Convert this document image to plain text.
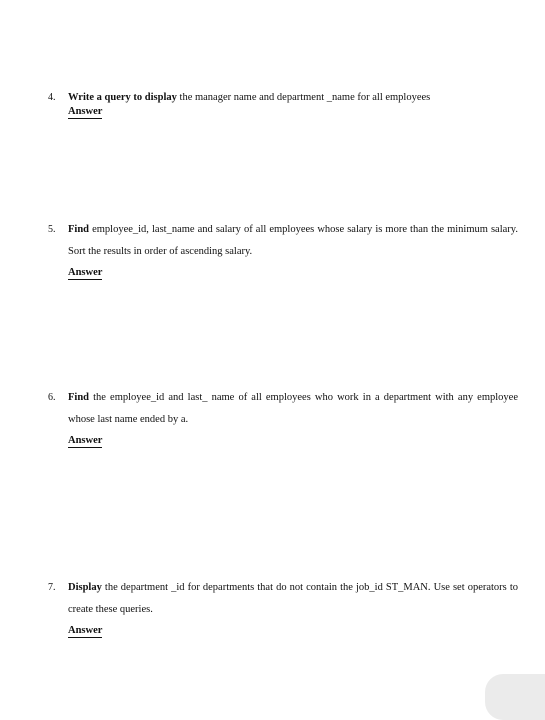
4. Write a query to display the manager name and department _name for all employees
Answer
5. Find employee_id, last_name and salary of all employees whose salary is more than the minimum salary. Sort the results in order of ascending salary.
Answer
6. Find the employee_id and last_ name of all employees who work in a department with any employee whose last name ended by a.
Answer
7. Display the department _id for departments that do not contain the job_id ST_MAN. Use set operators to create these queries.
Answer
